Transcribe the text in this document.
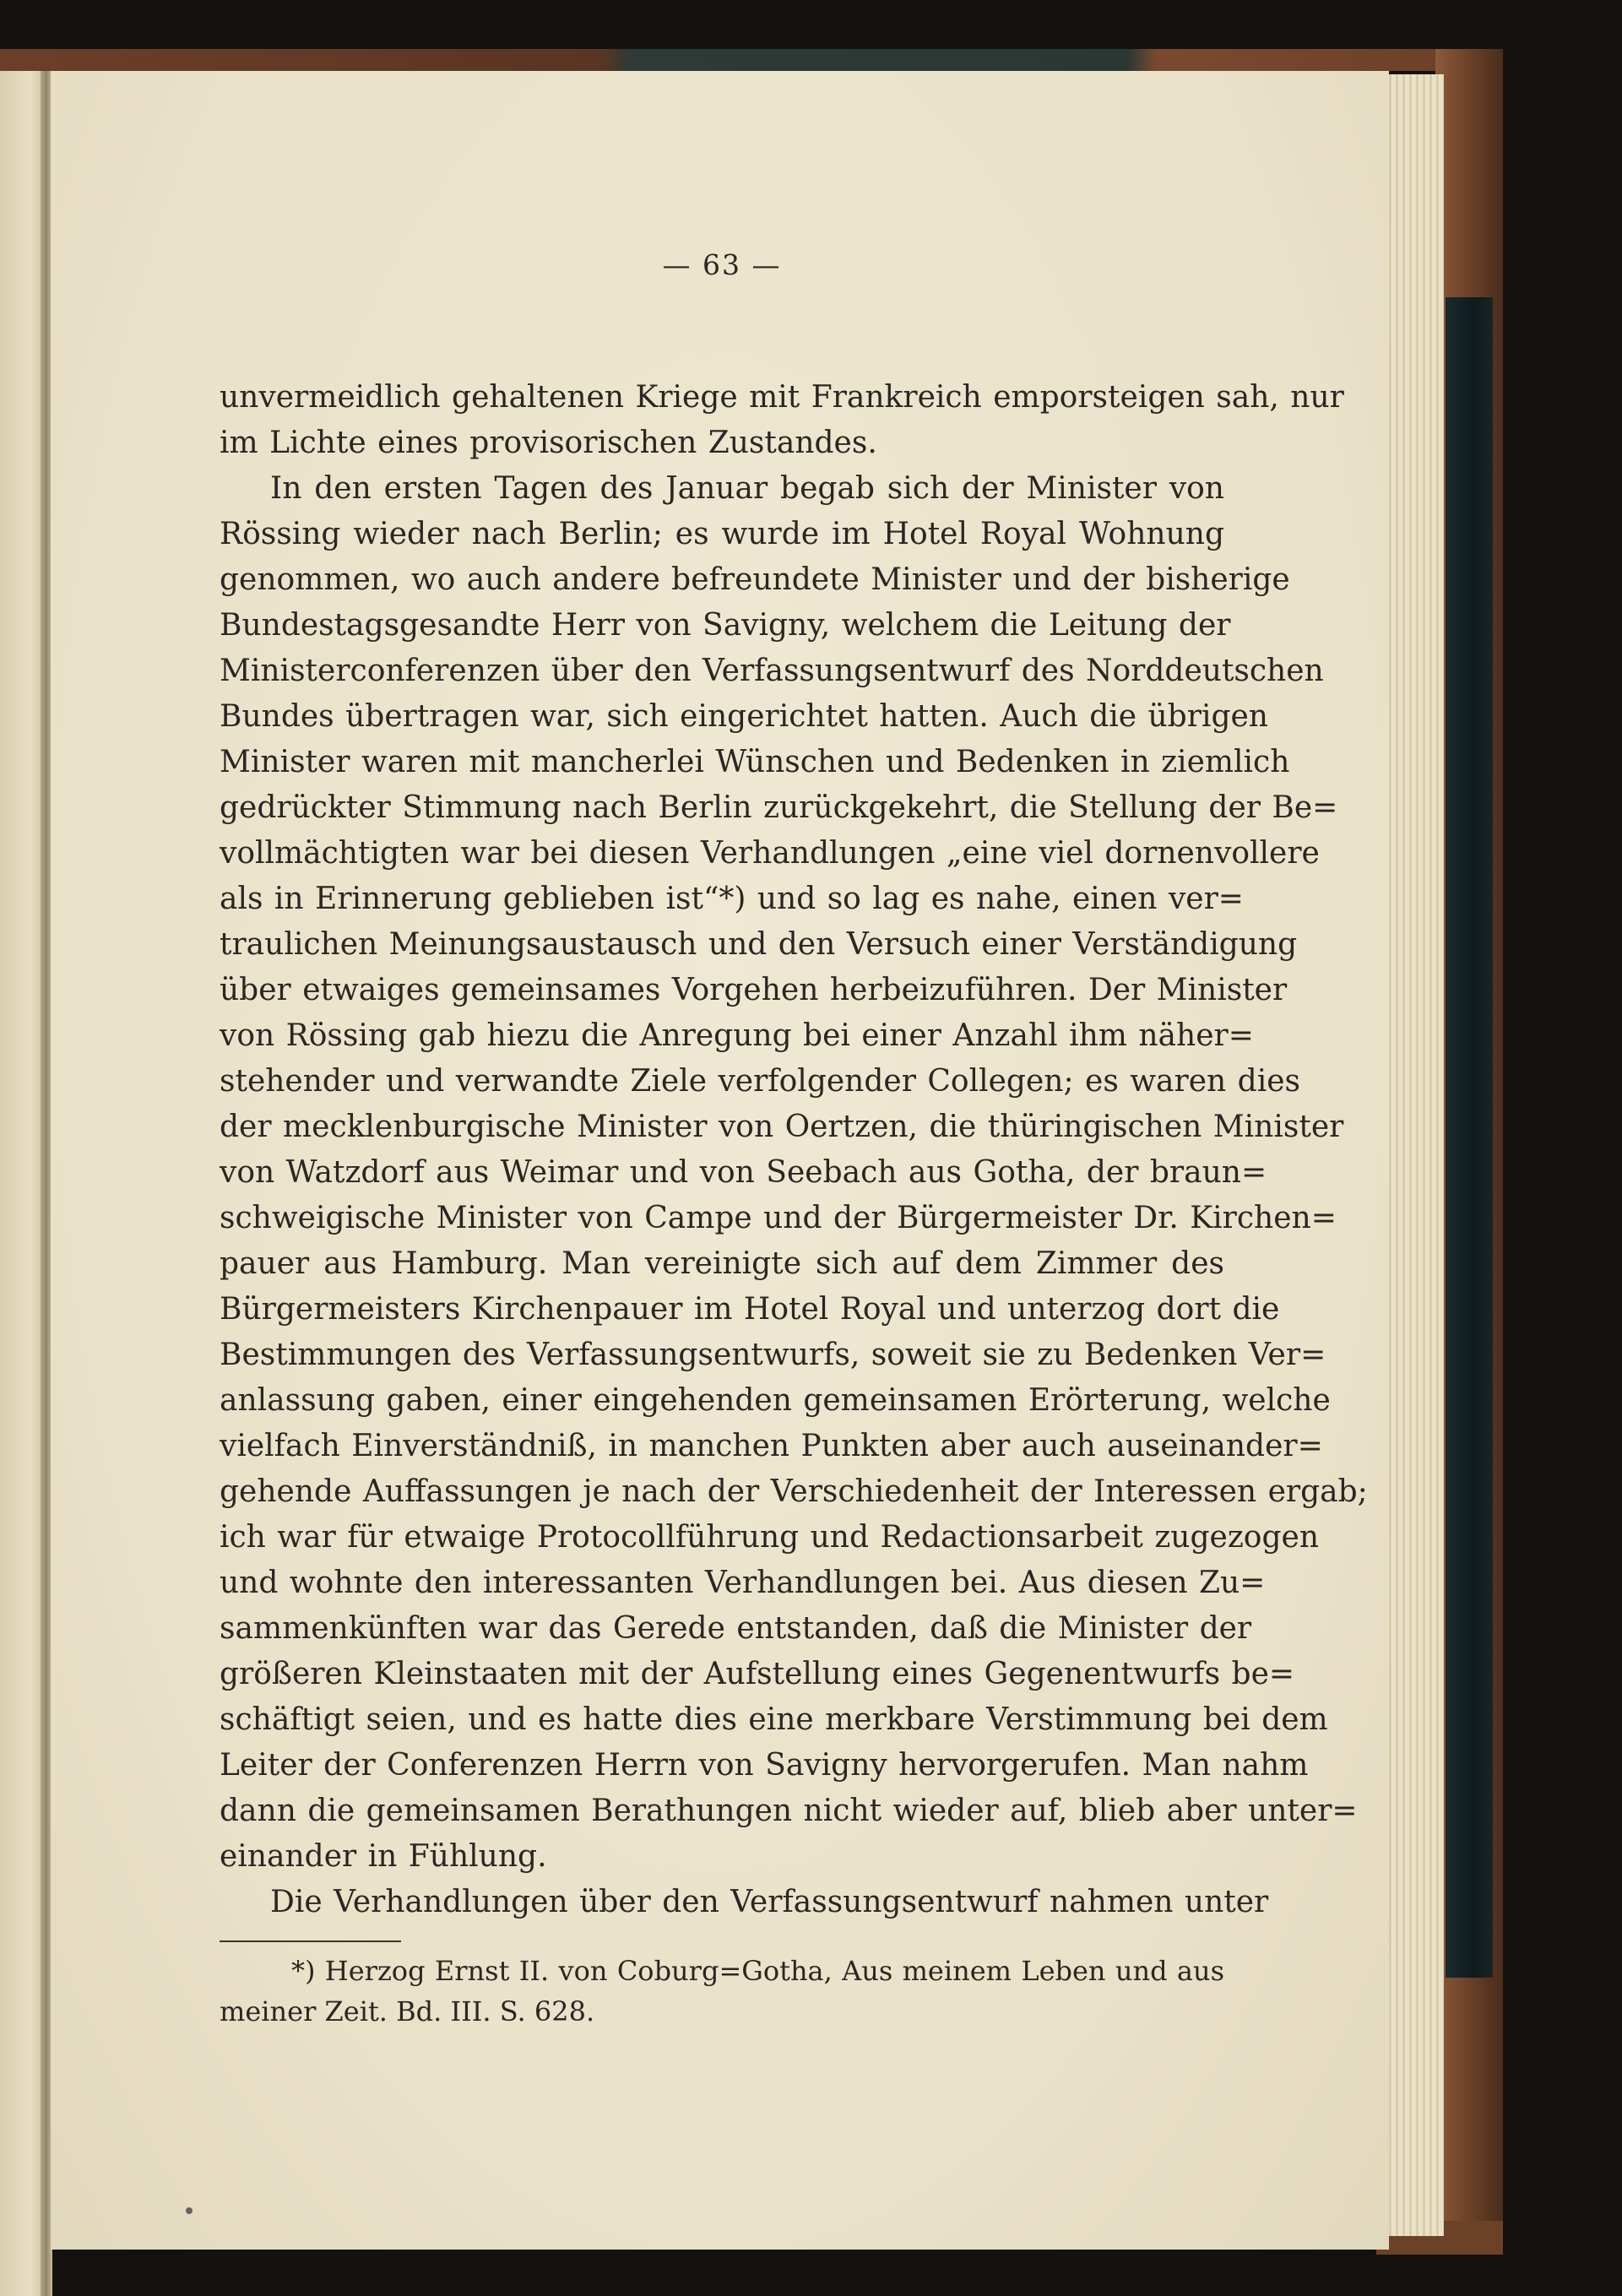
— 63 —
unvermeidlich gehaltenen Kriege mit Frankreich emporsteigen sah, nur
im Lichte eines provisorischen Zustandes.
In den ersten Tagen des Januar begab sich der Minister von
Rössing wieder nach Berlin; es wurde im Hotel Royal Wohnung
genommen, wo auch andere befreundete Minister und der bisherige
Bundestagsgesandte Herr von Savigny, welchem die Leitung der
Ministerconferenzen über den Verfassungsentwurf des Norddeutschen
Bundes übertragen war, sich eingerichtet hatten. Auch die übrigen
Minister waren mit mancherlei Wünschen und Bedenken in ziemlich
gedrückter Stimmung nach Berlin zurückgekehrt, die Stellung der Be=
vollmächtigten war bei diesen Verhandlungen „eine viel dornenvollere
als in Erinnerung geblieben ist“*) und so lag es nahe, einen ver=
traulichen Meinungsaustausch und den Versuch einer Verständigung
über etwaiges gemeinsames Vorgehen herbeizuführen. Der Minister
von Rössing gab hiezu die Anregung bei einer Anzahl ihm näher=
stehender und verwandte Ziele verfolgender Collegen; es waren dies
der mecklenburgische Minister von Oertzen, die thüringischen Minister
von Watzdorf aus Weimar und von Seebach aus Gotha, der braun=
schweigische Minister von Campe und der Bürgermeister Dr. Kirchen=
pauer aus Hamburg. Man vereinigte sich auf dem Zimmer des
Bürgermeisters Kirchenpauer im Hotel Royal und unterzog dort die
Bestimmungen des Verfassungsentwurfs, soweit sie zu Bedenken Ver=
anlassung gaben, einer eingehenden gemeinsamen Erörterung, welche
vielfach Einverständniß, in manchen Punkten aber auch auseinander=
gehende Auffassungen je nach der Verschiedenheit der Interessen ergab;
ich war für etwaige Protocollführung und Redactionsarbeit zugezogen
und wohnte den interessanten Verhandlungen bei. Aus diesen Zu=
sammenkünften war das Gerede entstanden, daß die Minister der
größeren Kleinstaaten mit der Aufstellung eines Gegenentwurfs be=
schäftigt seien, und es hatte dies eine merkbare Verstimmung bei dem
Leiter der Conferenzen Herrn von Savigny hervorgerufen. Man nahm
dann die gemeinsamen Berathungen nicht wieder auf, blieb aber unter=
einander in Fühlung.
Die Verhandlungen über den Verfassungsentwurf nahmen unter
*) Herzog Ernst II. von Coburg=Gotha, Aus meinem Leben und aus
meiner Zeit. Bd. III. S. 628.
